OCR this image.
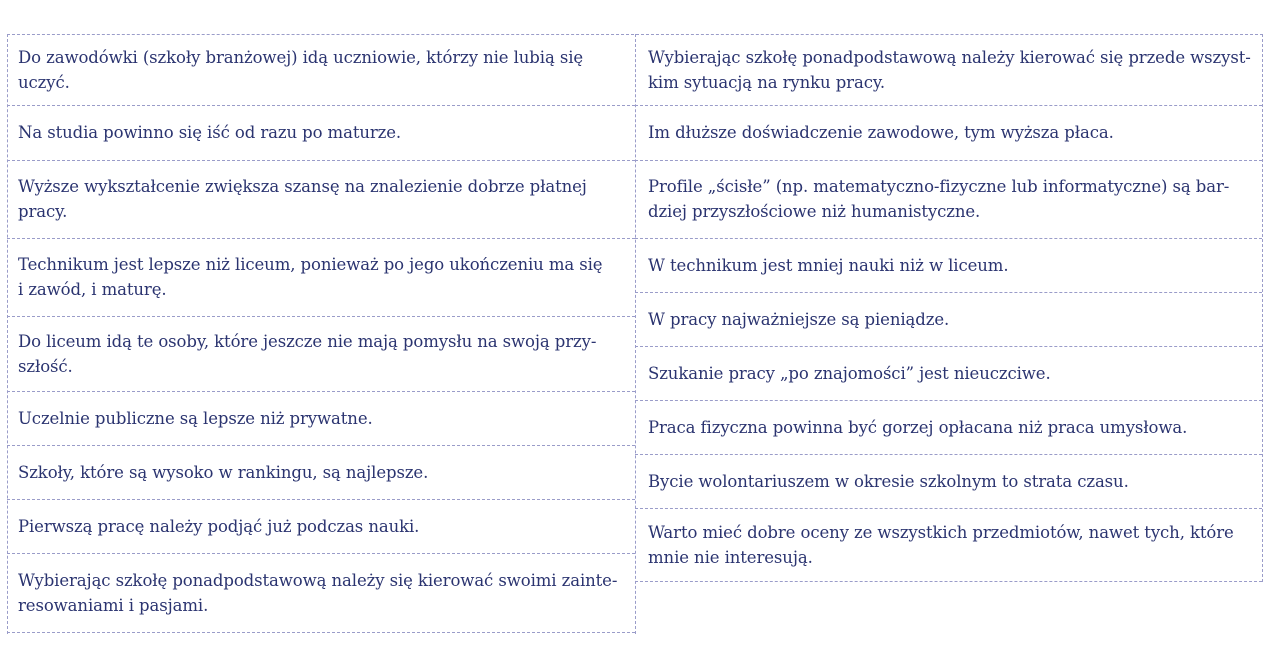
Do zawodówki (szkoły branżowej) idą uczniowie, którzy nie lubią się
uczyć.
Na studia powinno się iść od razu po maturze.
Wyższe wykształcenie zwiększa szansę na znalezienie dobrze płatnej
pracy.
Technikum jest lepsze niż liceum, ponieważ po jego ukończeniu ma się
i zawód, i maturę.
Do liceum idą te osoby, które jeszcze nie mają pomysłu na swoją przy-
szłość.
Uczelnie publiczne są lepsze niż prywatne.
Szkoły, które są wysoko w rankingu, są najlepsze.
Pierwszą pracę należy podjąć już podczas nauki.
Wybierając szkołę ponadpodstawową należy się kierować swoimi zainte-
resowaniami i pasjami.
Wybierając szkołę ponadpodstawową należy kierować się przede wszyst-
kim sytuacją na rynku pracy.
Im dłuższe doświadczenie zawodowe, tym wyższa płaca.
Profile „ścisłe” (np. matematyczno-fizyczne lub informatyczne) są bar-
dziej przyszłościowe niż humanistyczne.
W technikum jest mniej nauki niż w liceum.
W pracy najważniejsze są pieniądze.
Szukanie pracy „po znajomości” jest nieuczciwe.
Praca fizyczna powinna być gorzej opłacana niż praca umysłowa.
Bycie wolontariuszem w okresie szkolnym to strata czasu.
Warto mieć dobre oceny ze wszystkich przedmiotów, nawet tych, które
mnie nie interesują.
